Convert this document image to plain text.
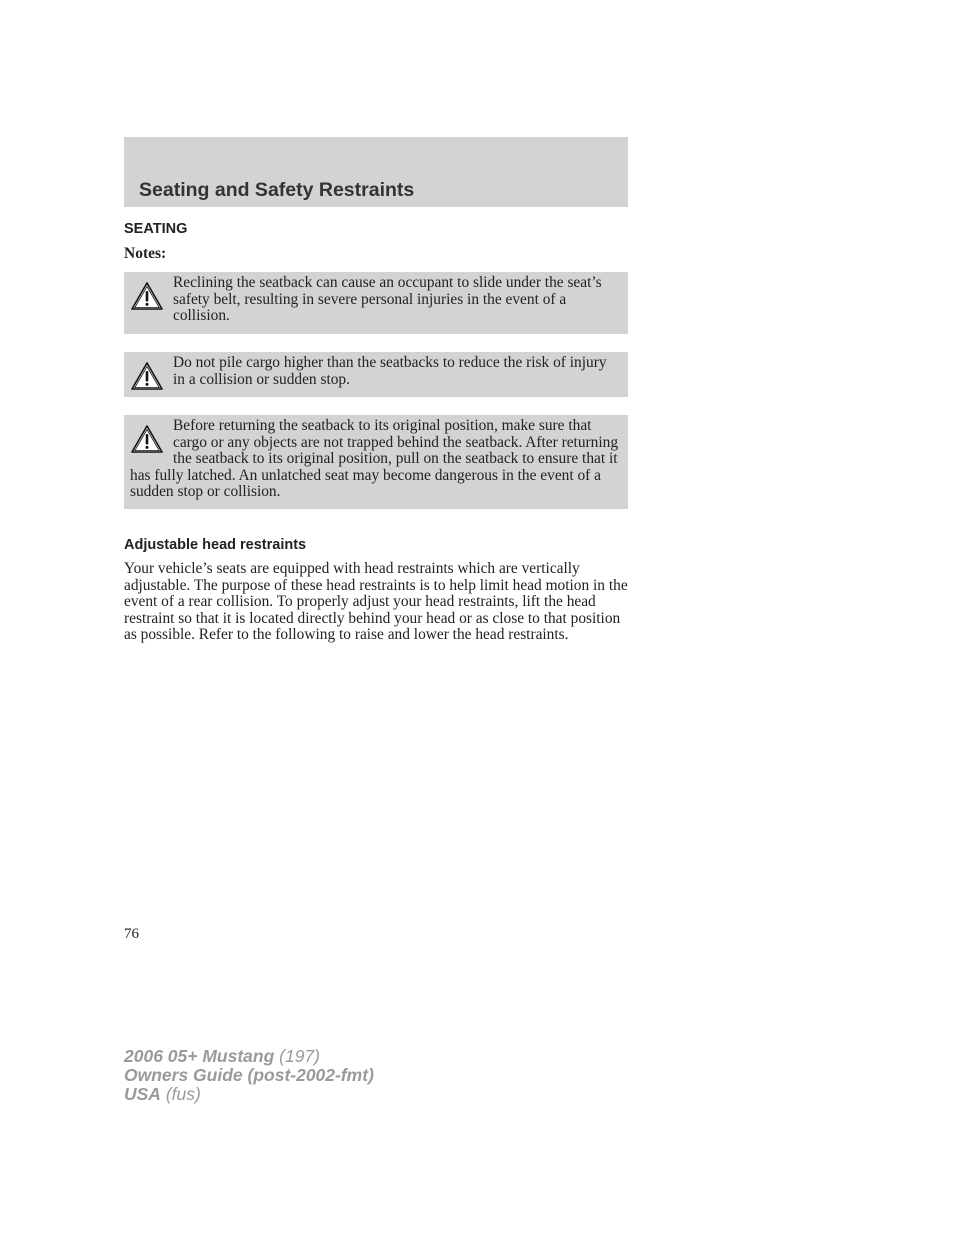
Seating and Safety Restraints
SEATING
Notes:

Reclining the seatback can cause an occupant to slide under the seat’s safety belt, resulting in severe personal injuries in the event of a collision.

Do not pile cargo higher than the seatbacks to reduce the risk of injury in a collision or sudden stop.

Before returning the seatback to its original position, make sure that cargo or any objects are not trapped behind the seatback. After returning the seatback to its original position, pull on the seatback to ensure that it has fully latched. An unlatched seat may become dangerous in the event of a sudden stop or collision.

Adjustable head restraints

Your vehicle’s seats are equipped with head restraints which are vertically adjustable. The purpose of these head restraints is to help limit head motion in the event of a rear collision. To properly adjust your head restraints, lift the head restraint so that it is located directly behind your head or as close to that position as possible. Refer to the following to raise and lower the head restraints.

76
2006 05+ Mustang (197)
Owners Guide (post-2002-fmt)
USA (fus)
